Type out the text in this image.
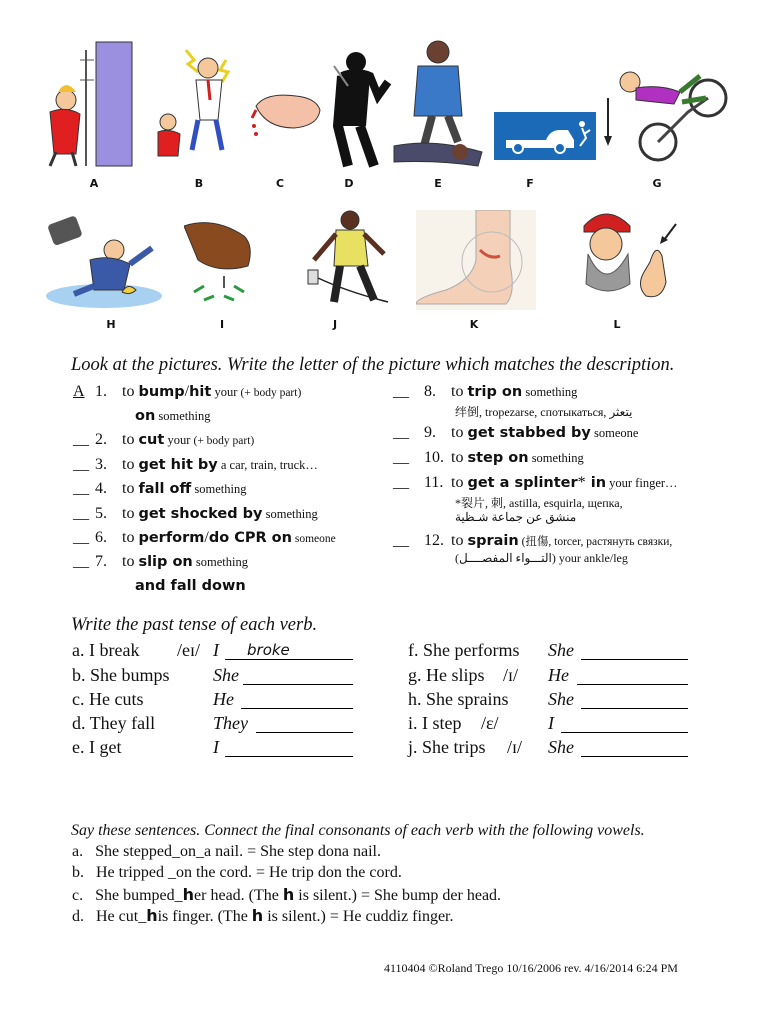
A	B	C	D	E	F	G
H	I	J	K	L
Look at the pictures. Write the letter of the picture which matches the description.
A 1. to bump/hit your (+ body part)
on something
__ 2. to cut your (+ body part)
__ 3. to get hit by a car, train, truck…
__ 4. to fall off something
__ 5. to get shocked by something
__ 6. to perform/do CPR on someone
__ 7. to slip on something
and fall down
__ 8. to trip on something
绊倒, tropezarse, спотыкаться, يتعثر
__ 9. to get stabbed by someone
__ 10. to step on something
__ 11. to get a splinter* in your finger…
*裂片, 刺, astilla, esquirla, щепка,
منشق عن جماعة شـظية
__ 12. to sprain (扭傷, torcer, растянуть связки,
(التـــواء المفصــــل) your ankle/leg
Write the past tense of each verb.
a. I break /eɪ/ I	broke
b. She bumps She
c. He cuts	He
d. They fall	They
e. I get	I
f. She performs She
g. He slips /ɪ/ He
h. She sprains She
i. I step /ɛ/	I
j. She trips /ɪ/ She
Say these sentences. Connect the final consonants of each verb with the following vowels.
a. She stepped_on_a nail. = She step dona nail.
b. He tripped _on the cord. = He trip don the cord.
c. She bumped_her head. (The h is silent.) = She bump der head.
d. He cut_his finger. (The h is silent.) = He cuddiz finger.
4110404 ©Roland Trego 10/16/2006 rev. 4/16/2014 6:24 PM
